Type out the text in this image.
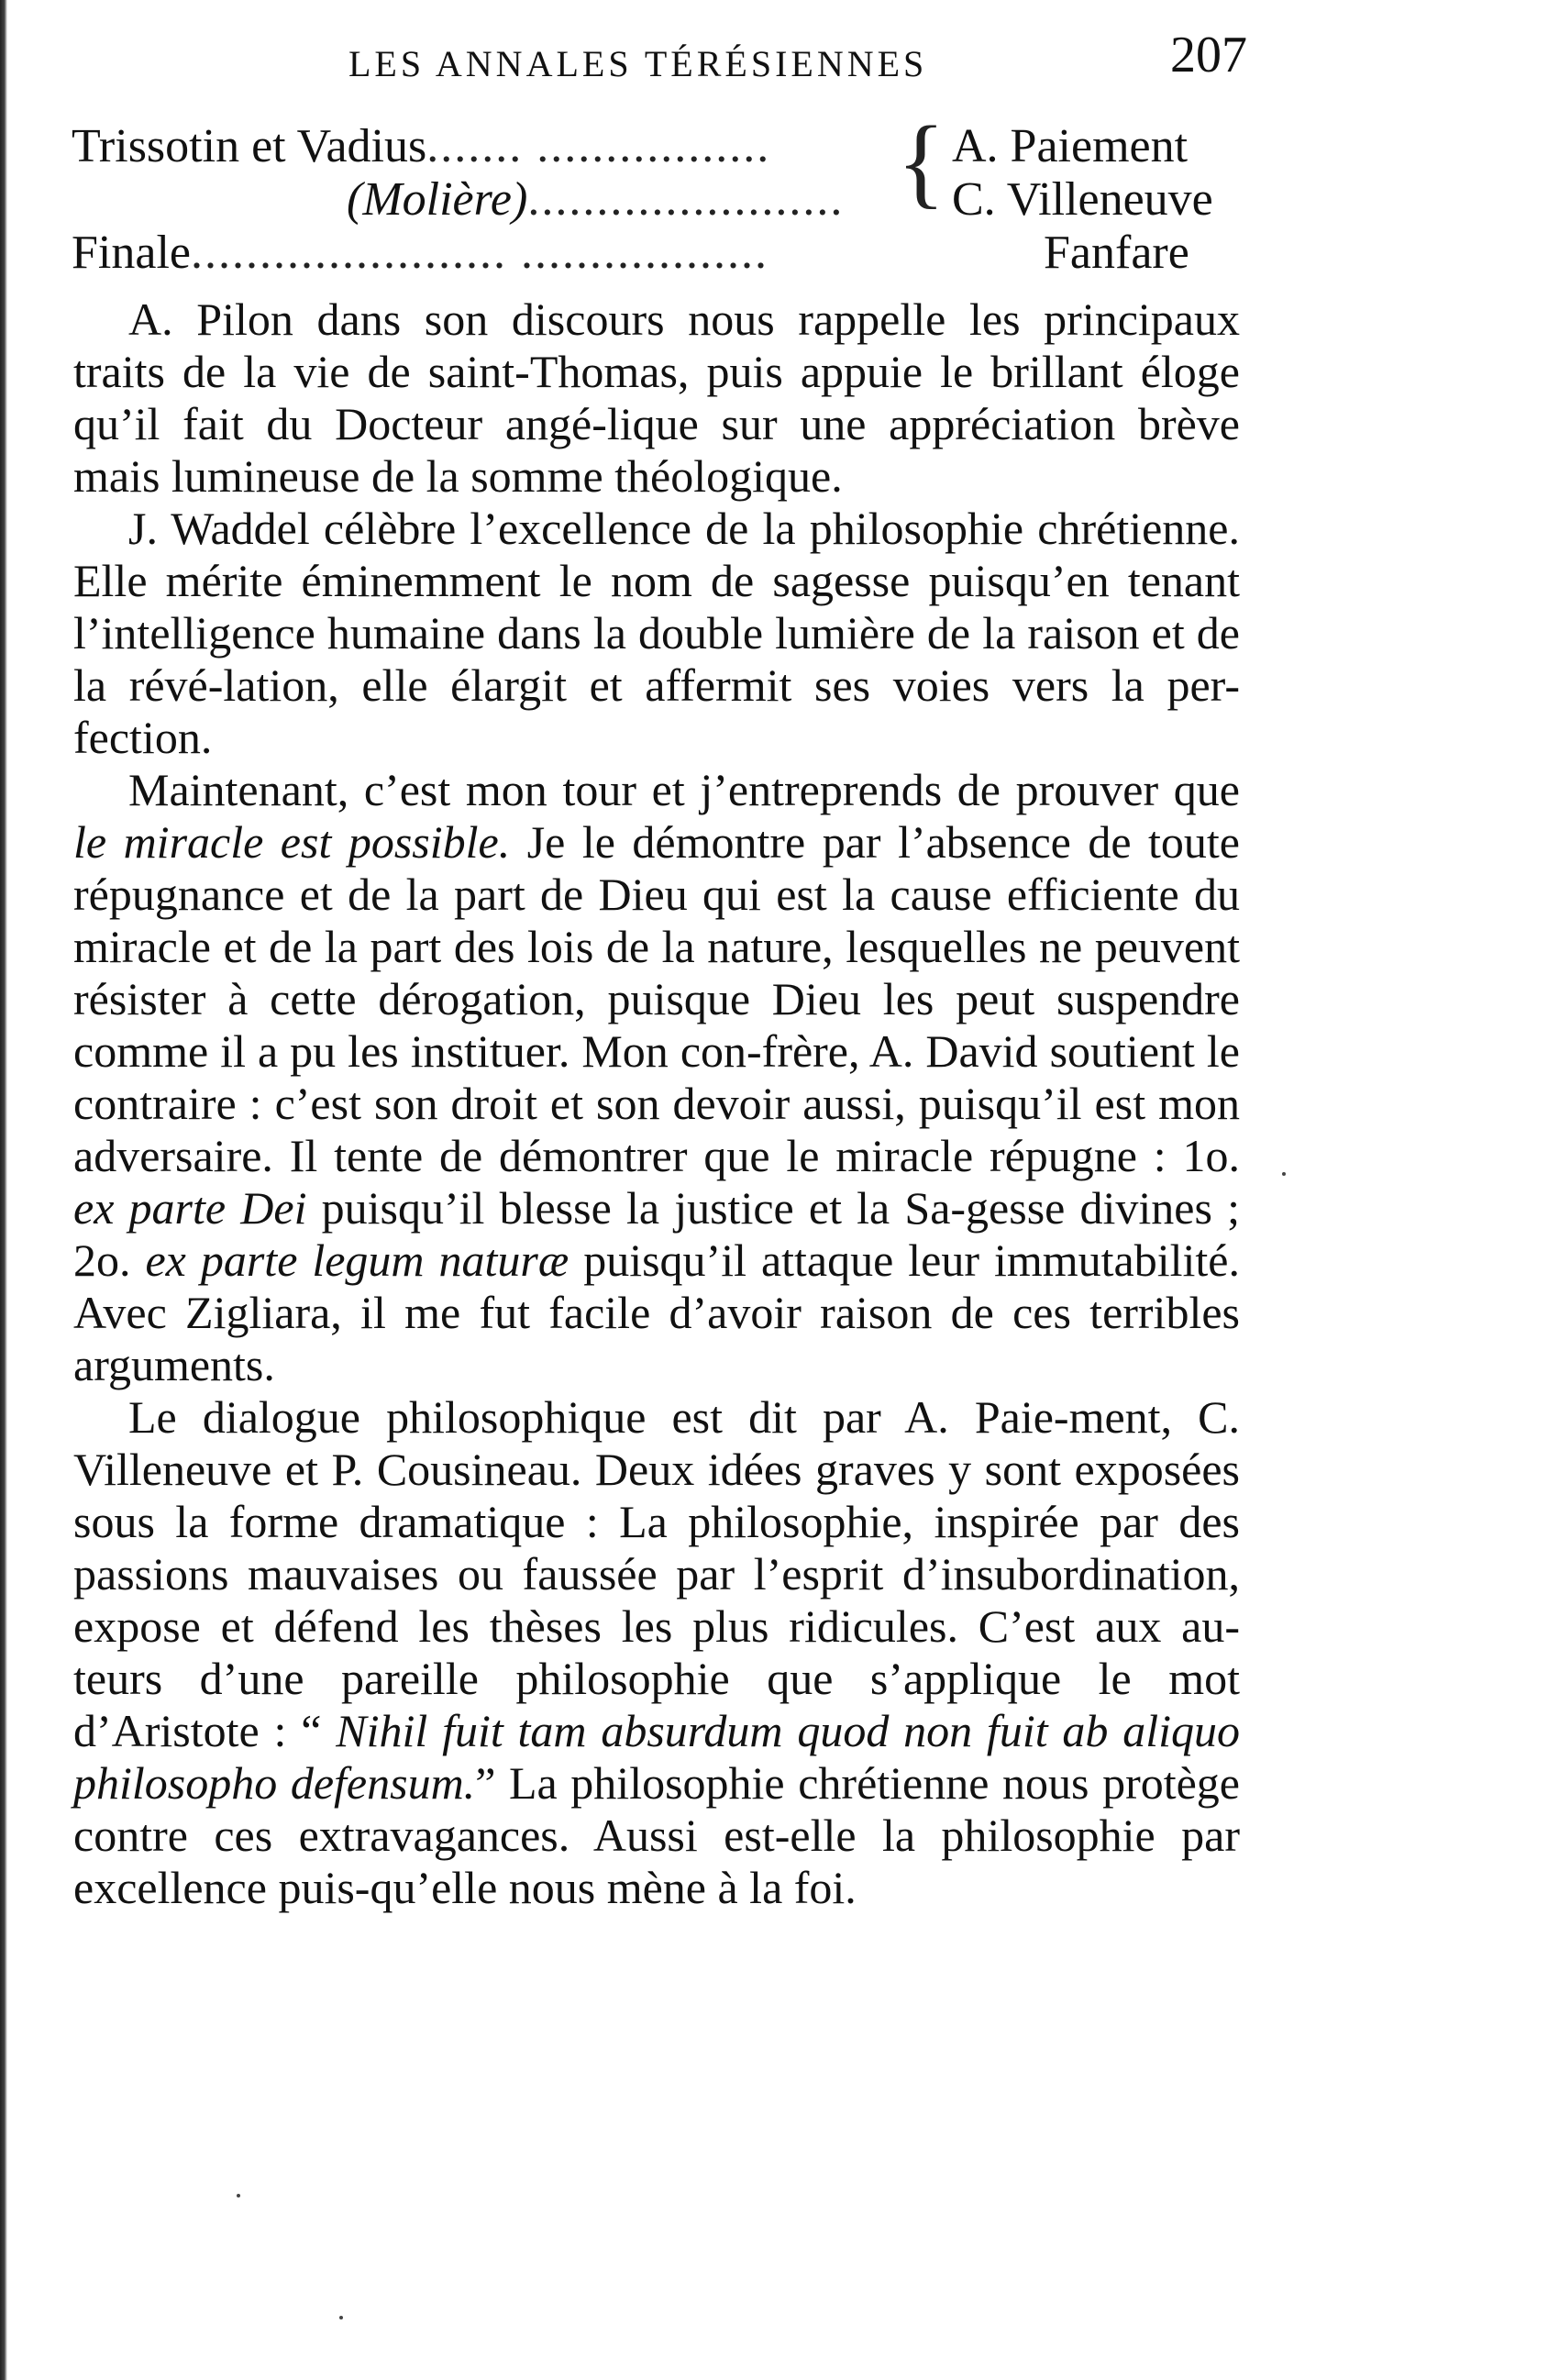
LES ANNALES TÉRÉSIENNES	207
Trissotin et Vadius....... .................	A. Paiement
(Molière)....................... C. Villeneuve
{
Finale....................... ..................	Fanfare

A. Pilon dans son discours nous rappelle les principaux traits de la vie de saint-Thomas, puis appuie le brillant éloge qu’il fait du Docteur angé-lique sur une appréciation brève mais lumineuse de la somme théologique.

J. Waddel célèbre l’excellence de la philosophie chrétienne. Elle mérite éminemment le nom de sagesse puisqu’en tenant l’intelligence humaine dans la double lumière de la raison et de la révé-lation, elle élargit et affermit ses voies vers la per-fection.

Maintenant, c’est mon tour et j’entreprends de prouver que le miracle est possible. Je le démontre par l’absence de toute répugnance et de la part de Dieu qui est la cause efficiente du miracle et de la part des lois de la nature, lesquelles ne peuvent résister à cette dérogation, puisque Dieu les peut suspendre comme il a pu les instituer. Mon con-frère, A. David soutient le contraire : c’est son droit et son devoir aussi, puisqu’il est mon adversaire. Il tente de démontrer que le miracle répugne : 1o. ex parte Dei puisqu’il blesse la justice et la Sa-gesse divines ; 2o. ex parte legum naturæ puisqu’il attaque leur immutabilité. Avec Zigliara, il me fut facile d’avoir raison de ces terribles arguments.

Le dialogue philosophique est dit par A. Paie-ment, C. Villeneuve et P. Cousineau. Deux idées graves y sont exposées sous la forme dramatique : La philosophie, inspirée par des passions mauvaises ou faussée par l’esprit d’insubordination, expose et défend les thèses les plus ridicules. C’est aux au-teurs d’une pareille philosophie que s’applique le mot d’Aristote : “ Nihil fuit tam absurdum quod non fuit ab aliquo philosopho defensum.” La philosophie chrétienne nous protège contre ces extravagances. Aussi est-elle la philosophie par excellence puis-qu’elle nous mène à la foi.
